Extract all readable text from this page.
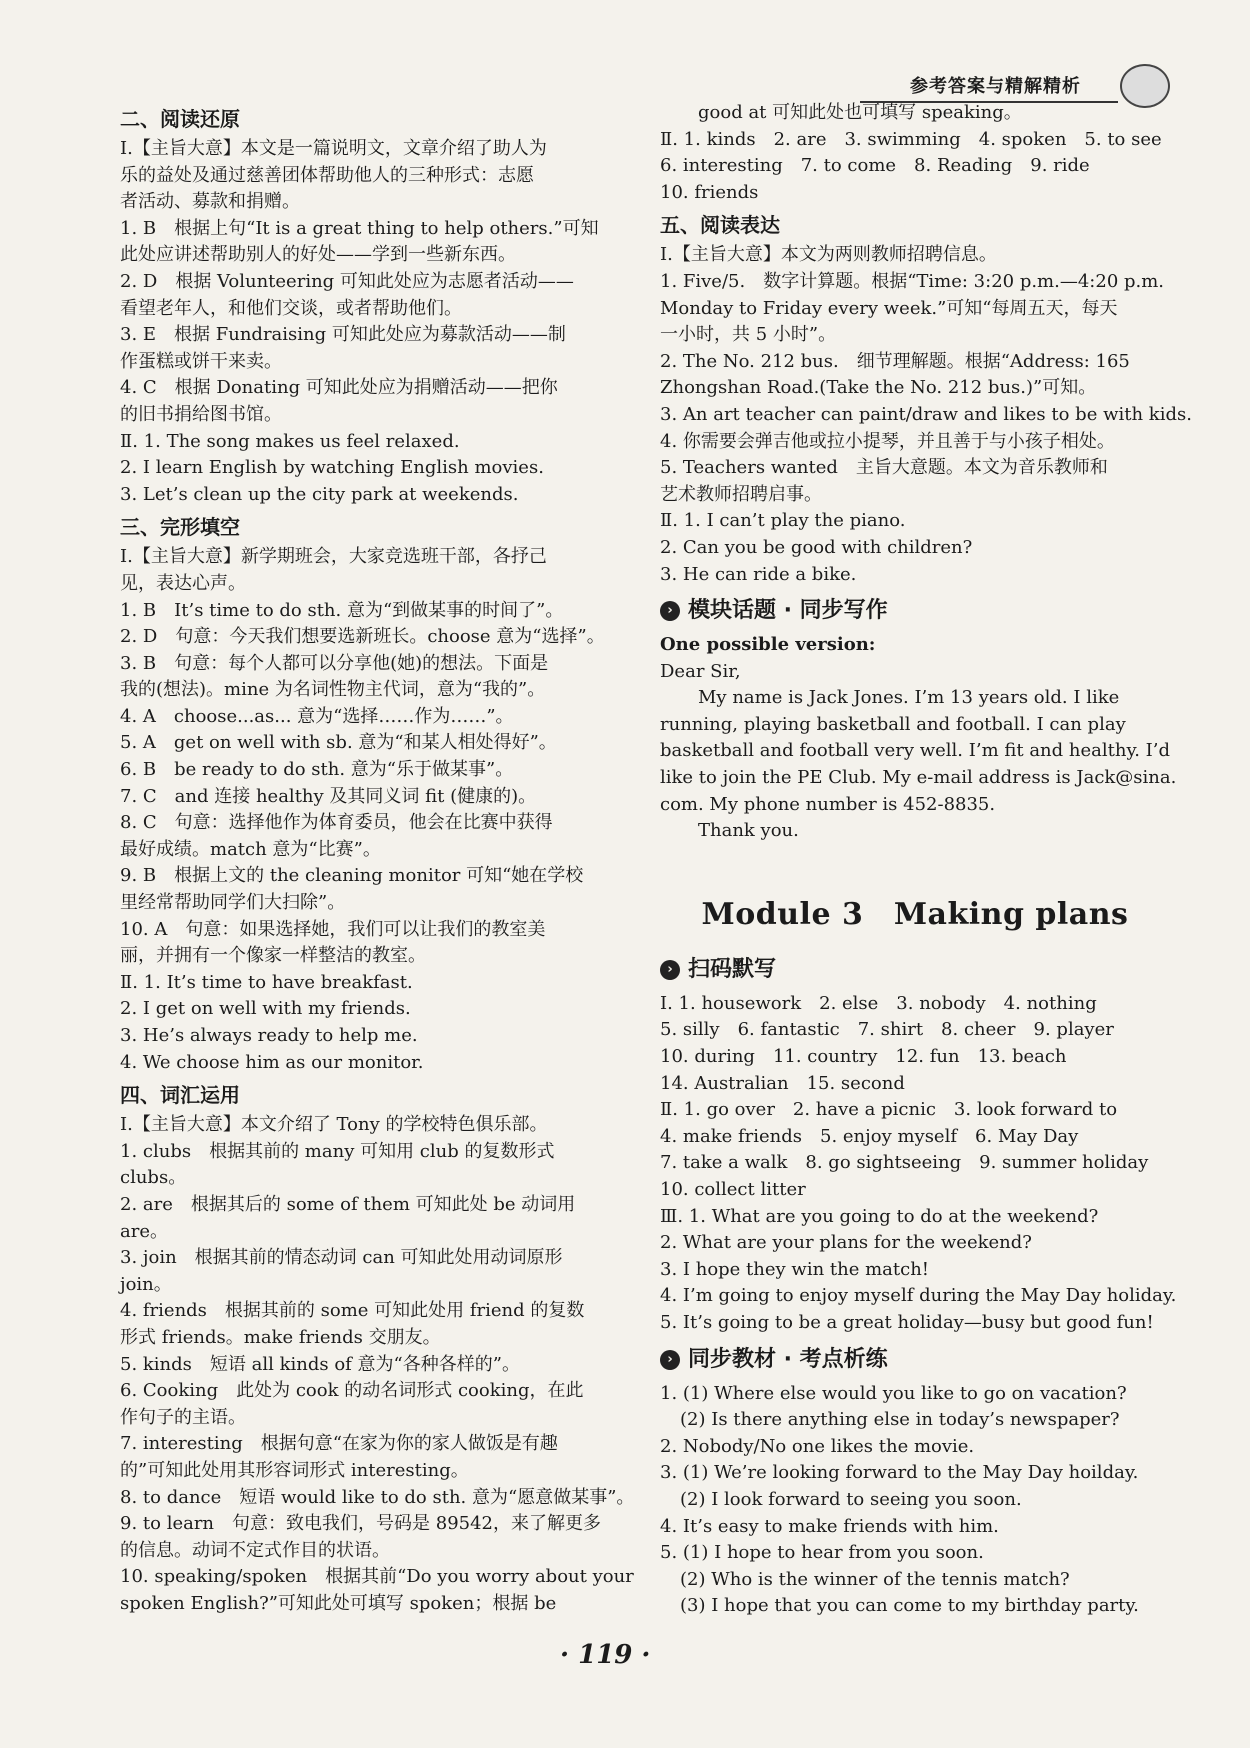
参考答案与精解精析
二、阅读还原
Ⅰ.【主旨大意】本文是一篇说明文，文章介绍了助人为
乐的益处及通过慈善团体帮助他人的三种形式：志愿
者活动、募款和捐赠。
1. B　根据上句“It is a great thing to help others.”可知
此处应讲述帮助别人的好处——学到一些新东西。
2. D　根据 Volunteering 可知此处应为志愿者活动——
看望老年人，和他们交谈，或者帮助他们。
3. E　根据 Fundraising 可知此处应为募款活动——制
作蛋糕或饼干来卖。
4. C　根据 Donating 可知此处应为捐赠活动——把你
的旧书捐给图书馆。
Ⅱ. 1. The song makes us feel relaxed.
2. I learn English by watching English movies.
3. Let’s clean up the city park at weekends.
三、完形填空
Ⅰ.【主旨大意】新学期班会，大家竞选班干部，各抒己
见，表达心声。
1. B　It’s time to do sth. 意为“到做某事的时间了”。
2. D　句意：今天我们想要选新班长。choose 意为“选择”。
3. B　句意：每个人都可以分享他(她)的想法。下面是
我的(想法)。mine 为名词性物主代词，意为“我的”。
4. A　choose...as... 意为“选择……作为……”。
5. A　get on well with sb. 意为“和某人相处得好”。
6. B　be ready to do sth. 意为“乐于做某事”。
7. C　and 连接 healthy 及其同义词 fit (健康的)。
8. C　句意：选择他作为体育委员，他会在比赛中获得
最好成绩。match 意为“比赛”。
9. B　根据上文的 the cleaning monitor 可知“她在学校
里经常帮助同学们大扫除”。
10. A　句意：如果选择她，我们可以让我们的教室美
丽，并拥有一个像家一样整洁的教室。
Ⅱ. 1. It’s time to have breakfast.
2. I get on well with my friends.
3. He’s always ready to help me.
4. We choose him as our monitor.
四、词汇运用
Ⅰ.【主旨大意】本文介绍了 Tony 的学校特色俱乐部。
1. clubs　根据其前的 many 可知用 club 的复数形式
clubs。
2. are　根据其后的 some of them 可知此处 be 动词用
are。
3. join　根据其前的情态动词 can 可知此处用动词原形
join。
4. friends　根据其前的 some 可知此处用 friend 的复数
形式 friends。make friends 交朋友。
5. kinds　短语 all kinds of 意为“各种各样的”。
6. Cooking　此处为 cook 的动名词形式 cooking，在此
作句子的主语。
7. interesting　根据句意“在家为你的家人做饭是有趣
的”可知此处用其形容词形式 interesting。
8. to dance　短语 would like to do sth. 意为“愿意做某事”。
9. to learn　句意：致电我们，号码是 89542，来了解更多
的信息。动词不定式作目的状语。
10. speaking/spoken　根据其前“Do you worry about your
spoken English?”可知此处可填写 spoken；根据 be
good at 可知此处也可填写 speaking。
Ⅱ. 1. kinds　2. are　3. swimming　4. spoken　5. to see
6. interesting　7. to come　8. Reading　9. ride
10. friends
五、阅读表达
Ⅰ.【主旨大意】本文为两则教师招聘信息。
1. Five/5.　数字计算题。根据“Time: 3:20 p.m.—4:20 p.m.
Monday to Friday every week.”可知“每周五天，每天
一小时，共 5 小时”。
2. The No. 212 bus.　细节理解题。根据“Address: 165
Zhongshan Road.(Take the No. 212 bus.)”可知。
3. An art teacher can paint/draw and likes to be with kids.
4. 你需要会弹吉他或拉小提琴，并且善于与小孩子相处。
5. Teachers wanted　主旨大意题。本文为音乐教师和
艺术教师招聘启事。
Ⅱ. 1. I can’t play the piano.
2. Can you be good with children?
3. He can ride a bike.
› 模块话题 · 同步写作
One possible version:
Dear Sir,
My name is Jack Jones. I’m 13 years old. I like
running, playing basketball and football. I can play
basketball and football very well. I’m fit and healthy. I’d
like to join the PE Club. My e-mail address is Jack@sina.
com. My phone number is 452-8835.
Thank you.
Module 3　Making plans
› 扫码默写
Ⅰ. 1. housework　2. else　3. nobody　4. nothing
5. silly　6. fantastic　7. shirt　8. cheer　9. player
10. during　11. country　12. fun　13. beach
14. Australian　15. second
Ⅱ. 1. go over　2. have a picnic　3. look forward to
4. make friends　5. enjoy myself　6. May Day
7. take a walk　8. go sightseeing　9. summer holiday
10. collect litter
Ⅲ. 1. What are you going to do at the weekend?
2. What are your plans for the weekend?
3. I hope they win the match!
4. I’m going to enjoy myself during the May Day holiday.
5. It’s going to be a great holiday—busy but good fun!
› 同步教材 · 考点析练
1. (1) Where else would you like to go on vacation?
(2) Is there anything else in today’s newspaper?
2. Nobody/No one likes the movie.
3. (1) We’re looking forward to the May Day hoilday.
(2) I look forward to seeing you soon.
4. It’s easy to make friends with him.
5. (1) I hope to hear from you soon.
(2) Who is the winner of the tennis match?
(3) I hope that you can come to my birthday party.
· 119 ·
